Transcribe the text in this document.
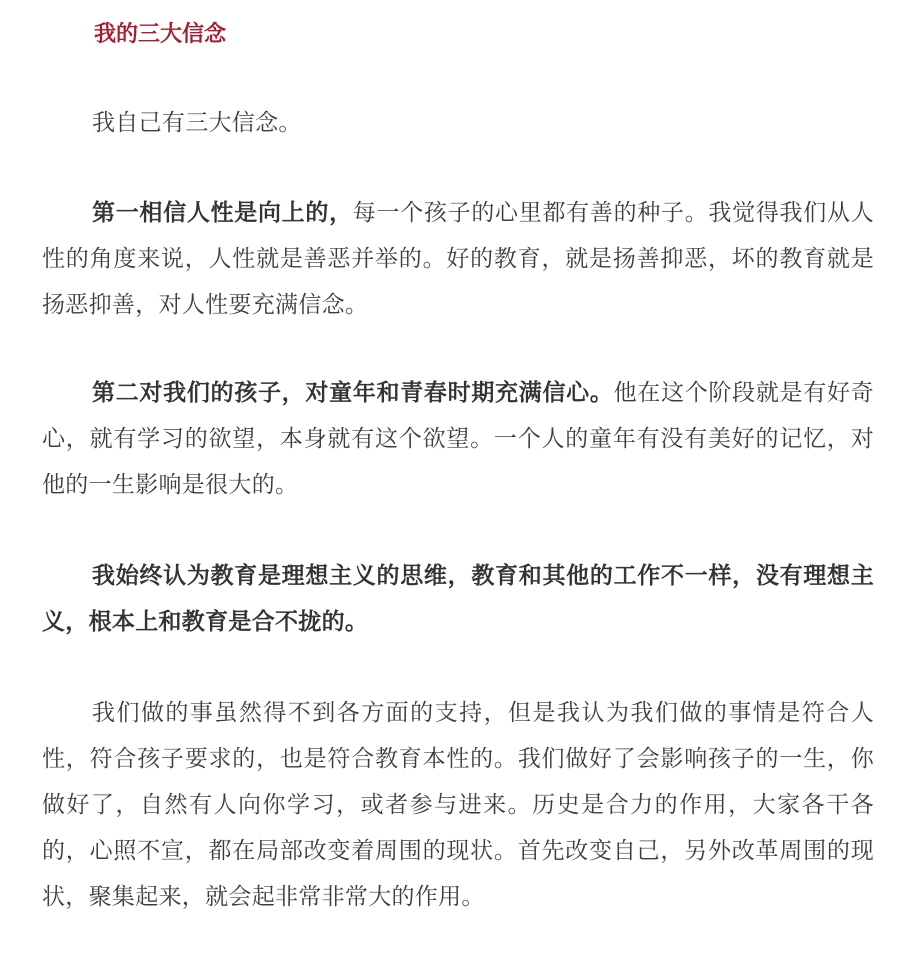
我的三大信念

我自己有三大信念。

第一相信人性是向上的，每一个孩子的心里都有善的种子。我觉得我们从人性的角度来说，人性就是善恶并举的。好的教育，就是扬善抑恶，坏的教育就是扬恶抑善，对人性要充满信念。

第二对我们的孩子，对童年和青春时期充满信心。他在这个阶段就是有好奇心，就有学习的欲望，本身就有这个欲望。一个人的童年有没有美好的记忆，对他的一生影响是很大的。

我始终认为教育是理想主义的思维，教育和其他的工作不一样，没有理想主义，根本上和教育是合不拢的。

我们做的事虽然得不到各方面的支持，但是我认为我们做的事情是符合人性，符合孩子要求的，也是符合教育本性的。我们做好了会影响孩子的一生，你做好了，自然有人向你学习，或者参与进来。历史是合力的作用，大家各干各的，心照不宣，都在局部改变着周围的现状。首先改变自己，另外改革周围的现状，聚集起来，就会起非常非常大的作用。
